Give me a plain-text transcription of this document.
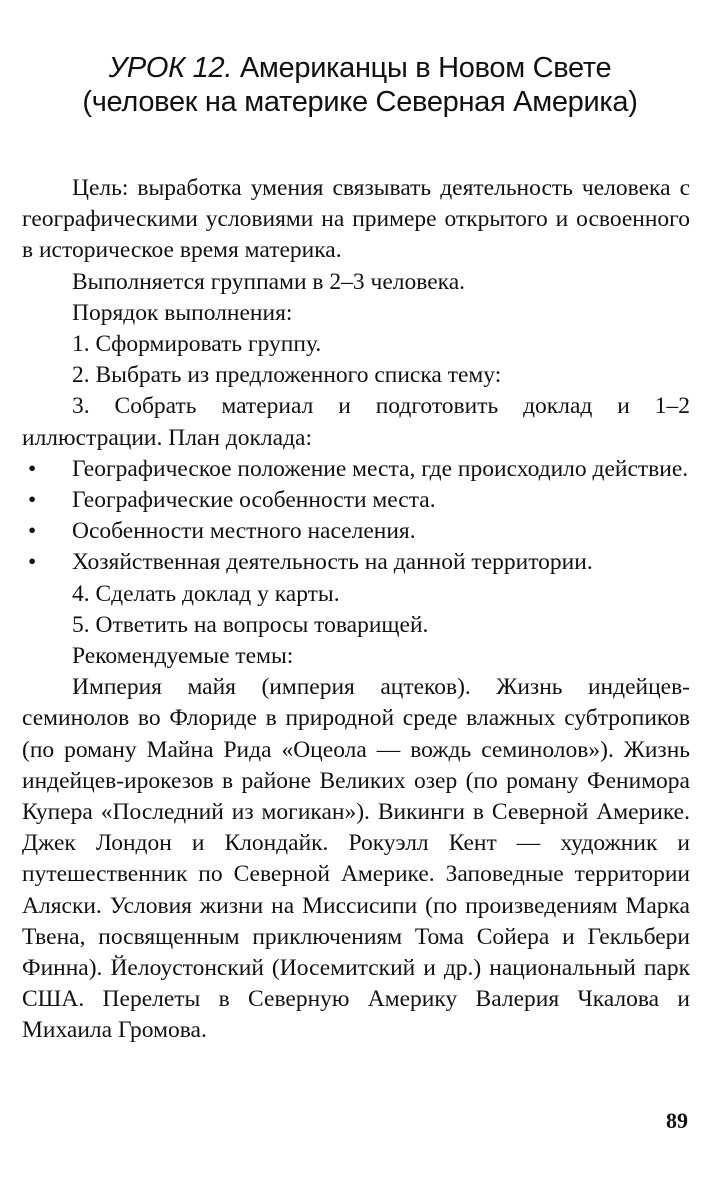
УРОК 12. Американцы в Новом Свете
(человек на материке Северная Америка)

Цель: выработка умения связывать деятельность человека с географическими условиями на примере открытого и освоенного в историческое время материка.

Выполняется группами в 2–3 человека.

Порядок выполнения:

1. Сформировать группу.

2. Выбрать из предложенного списка тему:

3. Собрать материал и подготовить доклад и 1–2 иллюстрации. План доклада:

• Географическое положение места, где происходило действие.
• Географические особенности места.
• Особенности местного населения.
• Хозяйственная деятельность на данной территории.

4. Сделать доклад у карты.

5. Ответить на вопросы товарищей.

Рекомендуемые темы:

Империя майя (империя ацтеков). Жизнь индейцев-семинолов во Флориде в природной среде влажных субтропиков (по роману Майна Рида «Оцеола — вождь семинолов»). Жизнь индейцев-ирокезов в районе Великих озер (по роману Фенимора Купера «Последний из могикан»). Викинги в Северной Америке. Джек Лондон и Клондайк. Рокуэлл Кент — художник и путешественник по Северной Америке. Заповедные территории Аляски. Условия жизни на Миссисипи (по произведениям Марка Твена, посвященным приключениям Тома Сойера и Гекльбери Финна). Йелоустонский (Иосемитский и др.) национальный парк США. Перелеты в Северную Америку Валерия Чкалова и Михаила Громова.

89
